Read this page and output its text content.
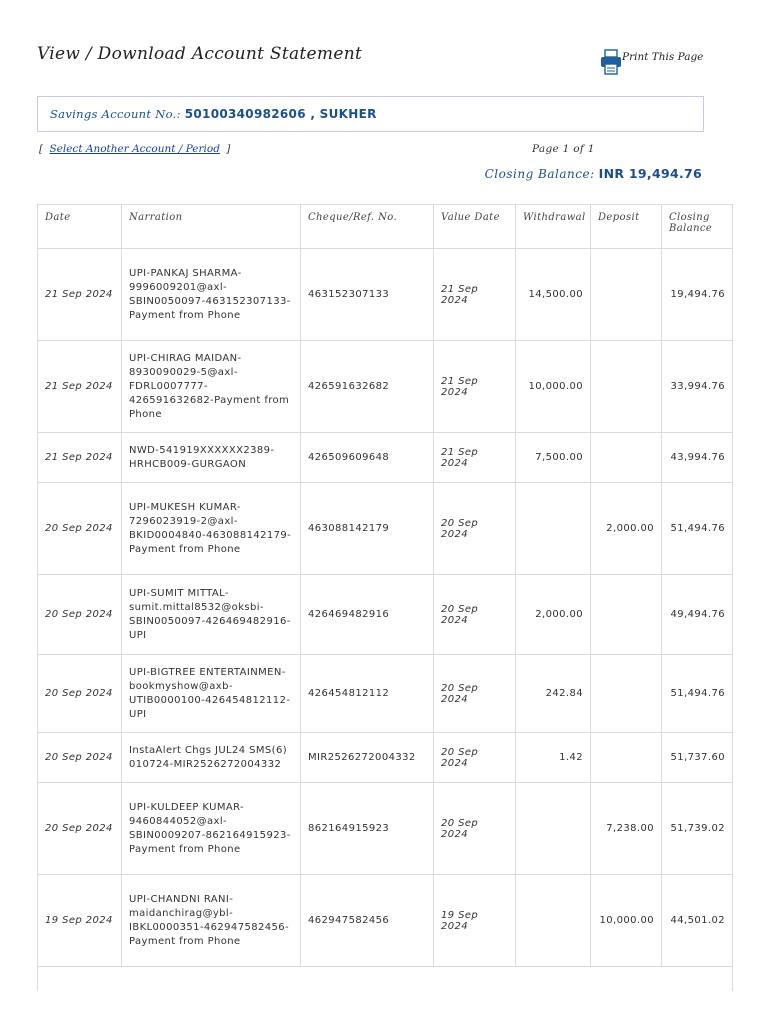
View / Download Account Statement	Print This Page
Savings Account No.: 50100340982606 , SUKHER
[ Select Another Account / Period ]	Page 1 of 1
Closing Balance: INR 19,494.76
Date	Narration	Cheque/Ref. No.	Value Date	Withdrawal	Deposit	Closing Balance
21 Sep 2024	UPI-PANKAJ SHARMA-9996009201@axl-SBIN0050097-463152307133-Payment from Phone	463152307133	21 Sep 2024	14,500.00		19,494.76
21 Sep 2024	UPI-CHIRAG MAIDAN-8930090029-5@axl-FDRL0007777-426591632682-Payment from Phone	426591632682	21 Sep 2024	10,000.00		33,994.76
21 Sep 2024	NWD-541919XXXXXX2389-HRHCB009-GURGAON	426509609648	21 Sep 2024	7,500.00		43,994.76
20 Sep 2024	UPI-MUKESH KUMAR-7296023919-2@axl-BKID0004840-463088142179-Payment from Phone	463088142179	20 Sep 2024		2,000.00	51,494.76
20 Sep 2024	UPI-SUMIT MITTAL-sumit.mittal8532@oksbi-SBIN0050097-426469482916-UPI	426469482916	20 Sep 2024	2,000.00		49,494.76
20 Sep 2024	UPI-BIGTREE ENTERTAINMEN-bookmyshow@axb-UTIB0000100-426454812112-UPI	426454812112	20 Sep 2024	242.84		51,494.76
20 Sep 2024	InstaAlert Chgs JUL24 SMS(6) 010724-MIR2526272004332	MIR2526272004332	20 Sep 2024	1.42		51,737.60
20 Sep 2024	UPI-KULDEEP KUMAR-9460844052@axl-SBIN0009207-862164915923-Payment from Phone	862164915923	20 Sep 2024		7,238.00	51,739.02
19 Sep 2024	UPI-CHANDNI RANI-maidanchirag@ybl-IBKL0000351-462947582456-Payment from Phone	462947582456	19 Sep 2024		10,000.00	44,501.02
